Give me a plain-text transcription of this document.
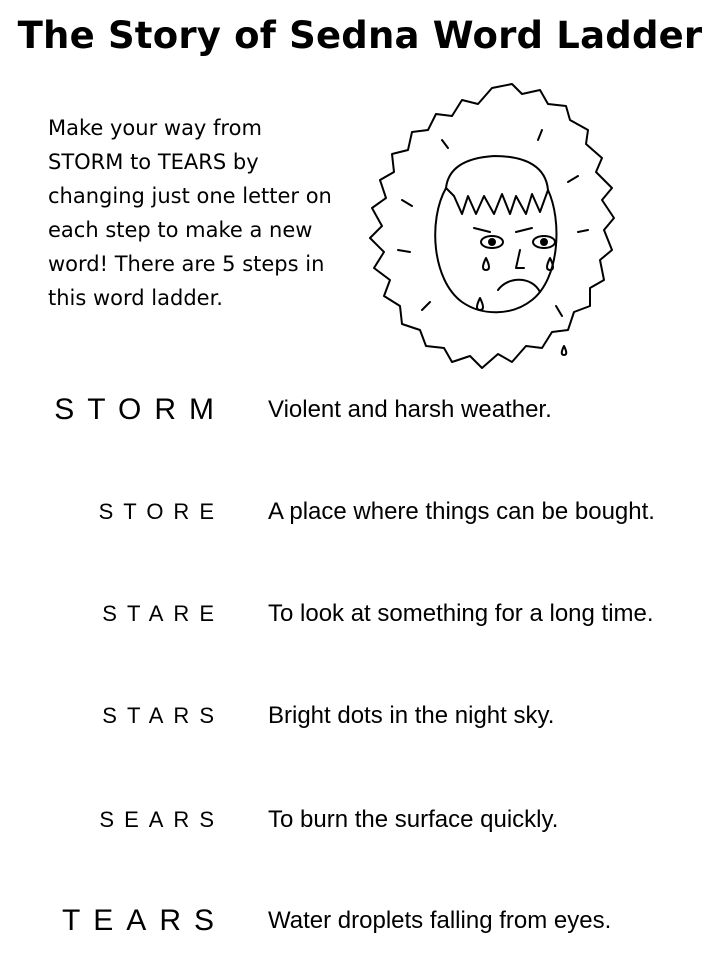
The Story of Sedna Word Ladder
Make your way from STORM to TEARS by changing just one letter on each step to make a new word! There are 5 steps in this word ladder.
STORM Violent and harsh weather.
STORE A place where things can be bought.
STARE To look at something for a long time.
STARS Bright dots in the night sky.
SEARS To burn the surface quickly.
TEARS Water droplets falling from eyes.
